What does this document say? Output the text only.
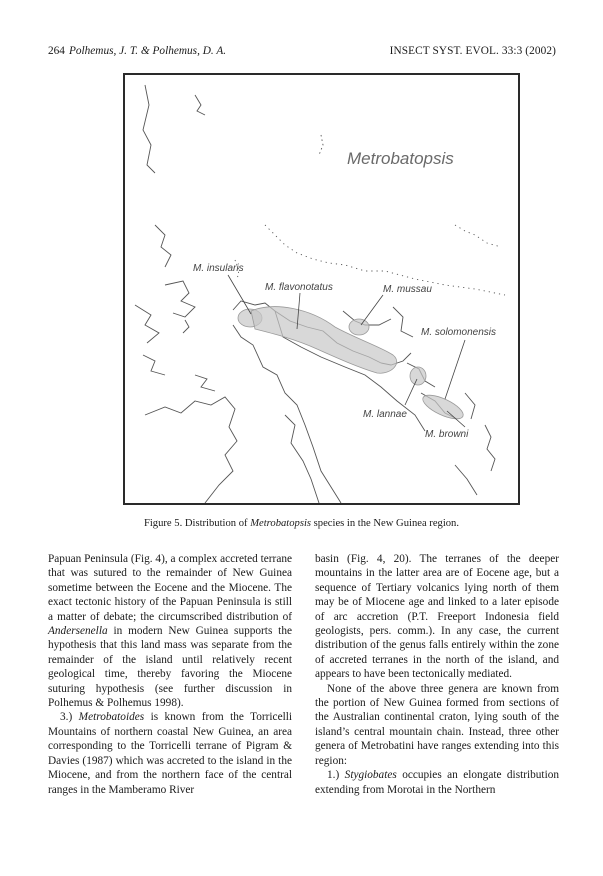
264 Polhemus, J. T. & Polhemus, D. A.	INSECT SYST. EVOL. 33:3 (2002)
Metrobatopsis
M. insularis
M. flavonotatus	M. mussau
M. solomonensis
M. lannae
M. browni
Figure 5. Distribution of Metrobatopsis species in the New Guinea region.

Papuan Peninsula (Fig. 4), a complex accreted terrane that was sutured to the remainder of New Guinea sometime between the Eocene and the Miocene. The exact tectonic history of the Papuan Peninsula is still a matter of debate; the circumscribed distribution of Andersenella in modern New Guinea supports the hypothesis that this land mass was separate from the remainder of the island until relatively recent geological time, thereby favoring the Miocene suturing hypothesis (see further discussion in Polhemus & Polhemus 1998).

3.) Metrobatoides is known from the Torricelli Mountains of northern coastal New Guinea, an area corresponding to the Torricelli terrane of Pigram & Davies (1987) which was accreted to the island in the Miocene, and from the northern face of the central ranges in the Mamberamo River

basin (Fig. 4, 20). The terranes of the deeper mountains in the latter area are of Eocene age, but a sequence of Tertiary volcanics lying north of them may be of Miocene age and linked to a later episode of arc accretion (P.T. Freeport Indonesia field geologists, pers. comm.). In any case, the current distribution of the genus falls entirely within the zone of accreted terranes in the north of the island, and appears to have been tectonically mediated.

None of the above three genera are known from the portion of New Guinea formed from sections of the Australian continental craton, lying south of the island’s central mountain chain. Instead, three other genera of Metrobatini have ranges extending into this region:

1.) Stygiobates occupies an elongate distribution extending from Morotai in the Northern
